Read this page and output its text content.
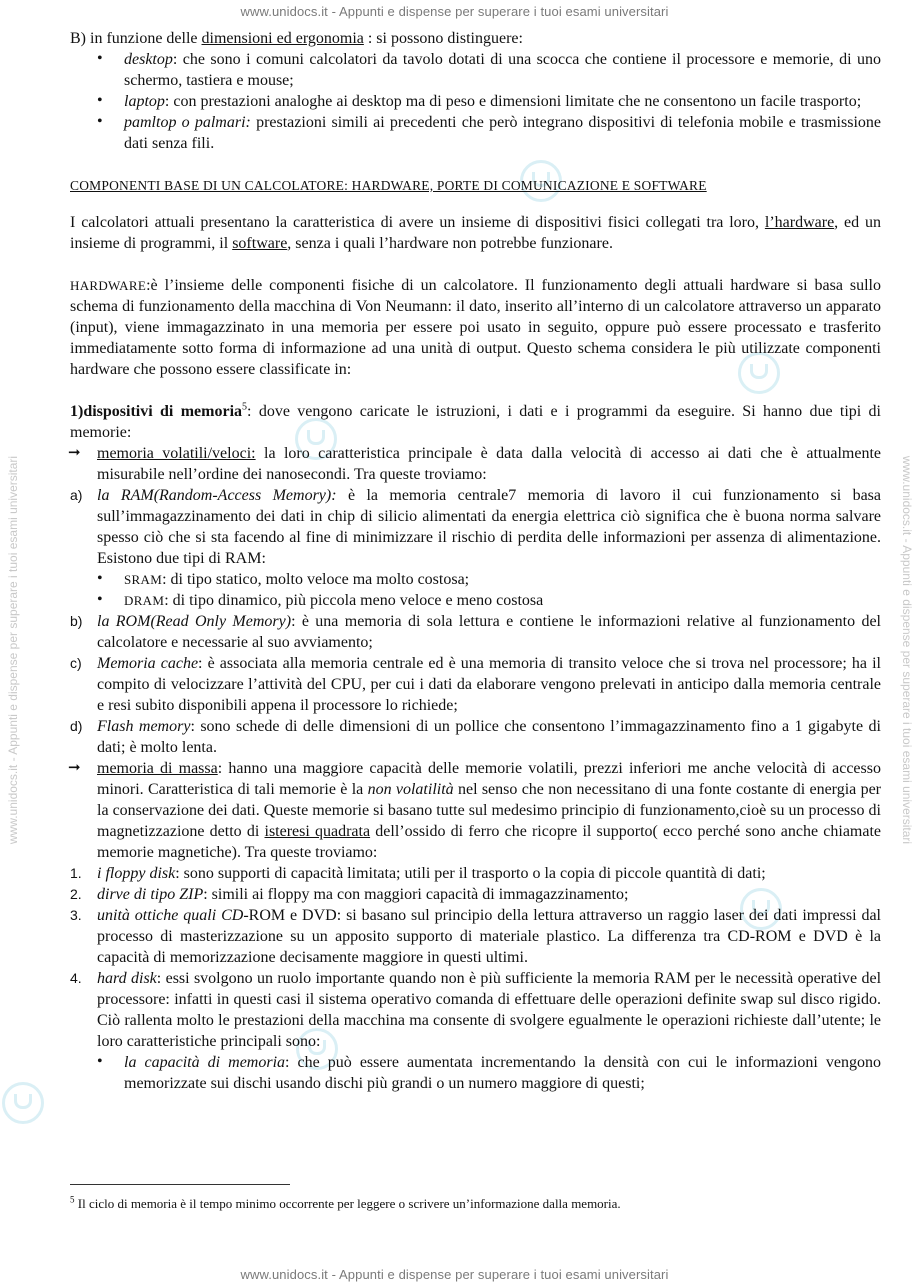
www.unidocs.it - Appunti e dispense per superare i tuoi esami universitari
www.unidocs.it - Appunti e dispense per superare i tuoi esami universitari	www.unidocs.it - Appunti e dispense per superare i tuoi esami universitari

B) in funzione delle dimensioni ed ergonomia : si possono distinguere:

• desktop: che sono i comuni calcolatori da tavolo dotati di una scocca che contiene il processore e memorie, di uno schermo, tastiera e mouse;
• laptop: con prestazioni analoghe ai desktop ma di peso e dimensioni limitate che ne consentono un facile trasporto;
• pamltop o palmari: prestazioni simili ai precedenti che però integrano dispositivi di telefonia mobile e trasmissione dati senza fili.

COMPONENTI BASE DI UN CALCOLATORE: HARDWARE, PORTE DI COMUNICAZIONE E SOFTWARE

I calcolatori attuali presentano la caratteristica di avere un insieme di dispositivi fisici collegati tra loro, l’hardware, ed un insieme di programmi, il software, senza i quali l’hardware non potrebbe funzionare.

HARDWARE:è l’insieme delle componenti fisiche di un calcolatore. Il funzionamento degli attuali hardware si basa sullo schema di funzionamento della macchina di Von Neumann: il dato, inserito all’interno di un calcolatore attraverso un apparato (input), viene immagazzinato in una memoria per essere poi usato in seguito, oppure può essere processato e trasferito immediatamente sotto forma di informazione ad una unità di output. Questo schema considera le più utilizzate componenti hardware che possono essere classificate in:

1)dispositivi di memoria$^5$: dove vengono caricate le istruzioni, i dati e i programmi da eseguire. Si hanno due tipi di memorie:

➞ memoria volatili/veloci: la loro caratteristica principale è data dalla velocità di accesso ai dati che è attualmente misurabile nell’ordine dei nanosecondi. Tra queste troviamo:
a) la RAM(Random-Access Memory): è la memoria centrale7 memoria di lavoro il cui funzionamento si basa sull’immagazzinamento dei dati in chip di silicio alimentati da energia elettrica ciò significa che è buona norma salvare spesso ciò che si sta facendo al fine di minimizzare il rischio di perdita delle informazioni per assenza di alimentazione. Esistono due tipi di RAM:
• SRAM: di tipo statico, molto veloce ma molto costosa;
• DRAM: di tipo dinamico, più piccola meno veloce e meno costosa
b) la ROM(Read Only Memory): è una memoria di sola lettura e contiene le informazioni relative al funzionamento del calcolatore e necessarie al suo avviamento;
c) Memoria cache: è associata alla memoria centrale ed è una memoria di transito veloce che si trova nel processore; ha il compito di velocizzare l’attività del CPU, per cui i dati da elaborare vengono prelevati in anticipo dalla memoria centrale e resi subito disponibili appena il processore lo richiede;
d) Flash memory: sono schede di delle dimensioni di un pollice che consentono l’immagazzinamento fino a 1 gigabyte di dati; è molto lenta.
➞ memoria di massa: hanno una maggiore capacità delle memorie volatili, prezzi inferiori me anche velocità di accesso minori. Caratteristica di tali memorie è la non volatilità nel senso che non necessitano di una fonte costante di energia per la conservazione dei dati. Queste memorie si basano tutte sul medesimo principio di funzionamento,cioè su un processo di magnetizzazione detto di isteresi quadrata dell’ossido di ferro che ricopre il supporto( ecco perché sono anche chiamate memorie magnetiche). Tra queste troviamo:
1. i floppy disk: sono supporti di capacità limitata; utili per il trasporto o la copia di piccole quantità di dati;
2. dirve di tipo ZIP: simili ai floppy ma con maggiori capacità di immagazzinamento;
3. unità ottiche quali CD-ROM e DVD: si basano sul principio della lettura attraverso un raggio laser dei dati impressi dal processo di masterizzazione su un apposito supporto di materiale plastico. La differenza tra CD-ROM e DVD è la capacità di memorizzazione decisamente maggiore in questi ultimi.
4. hard disk: essi svolgono un ruolo importante quando non è più sufficiente la memoria RAM per le necessità operative del processore: infatti in questi casi il sistema operativo comanda di effettuare delle operazioni definite swap sul disco rigido. Ciò rallenta molto le prestazioni della macchina ma consente di svolgere egualmente le operazioni richieste dall’utente; le loro caratteristiche principali sono:
• la capacità di memoria: che può essere aumentata incrementando la densità con cui le informazioni vengono memorizzate sui dischi usando dischi più grandi o un numero maggiore di questi;
$^5$ Il ciclo di memoria è il tempo minimo occorrente per leggere o scrivere un’informazione dalla memoria.
www.unidocs.it - Appunti e dispense per superare i tuoi esami universitari
